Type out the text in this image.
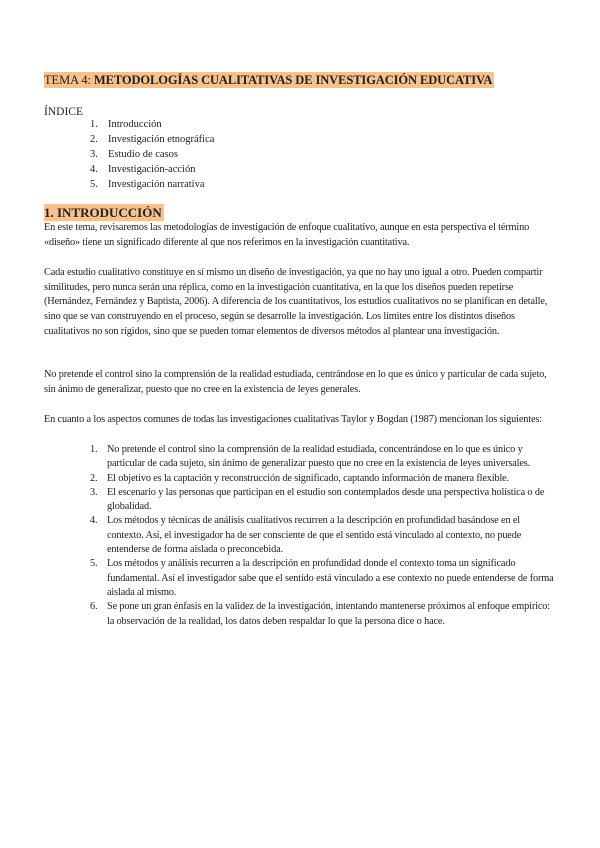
TEMA 4: METODOLOGÍAS CUALITATIVAS DE INVESTIGACIÓN EDUCATIVA
ÍNDICE
1. Introducción
2. Investigación etnográfica
3. Estudio de casos
4. Investigación-acción
5. Investigación narrativa
1. INTRODUCCIÓN

En este tema, revisaremos las metodologías de investigación de enfoque cualitativo, aunque en esta perspectiva el término «diseño» tiene un significado diferente al que nos referimos en la investigación cuantitativa.

Cada estudio cualitativo constituye en sí mismo un diseño de investigación, ya que no hay uno igual a otro. Pueden compartir similitudes, pero nunca serán una réplica, como en la investigación cuantitativa, en la que los diseños pueden repetirse (Hernández, Fernández y Baptista, 2006). A diferencia de los cuantitativos, los estudios cualitativos no se planifican en detalle, sino que se van construyendo en el proceso, según se desarrolle la investigación. Los límites entre los distintos diseños cualitativos no son rígidos, sino que se pueden tomar elementos de diversos métodos al plantear una investigación.

No pretende el control sino la comprensión de la realidad estudiada, centrándose en lo que es único y particular de cada sujeto, sin ánimo de generalizar, puesto que no cree en la existencia de leyes generales.

En cuanto a los aspectos comunes de todas las investigaciones cualitativas Taylor y Bogdan (1987) mencionan los siguientes:

1. No pretende el control sino la comprensión de la realidad estudiada, concentrándose en lo que es único y particular de cada sujeto, sin ánimo de generalizar puesto que no cree en la existencia de leyes universales.
2. El objetivo es la captación y reconstrucción de significado, captando información de manera flexible.
3. El escenario y las personas que participan en el estudio son contemplados desde una perspectiva holística o de globalidad.
4. Los métodos y técnicas de análisis cualitativos recurren a la descripción en profundidad basándose en el contexto. Así, el investigador ha de ser consciente de que el sentido está vinculado al contexto, no puede entenderse de forma aislada o preconcebida.
5. Los métodos y análisis recurren a la descripción en profundidad donde el contexto toma un significado fundamental. Así el investigador sabe que el sentido está vinculado a ese contexto no puede entenderse de forma aislada al mismo.
6. Se pone un gran énfasis en la validez de la investigación, intentando mantenerse próximos al enfoque empírico: la observación de la realidad, los datos deben respaldar lo que la persona dice o hace.
